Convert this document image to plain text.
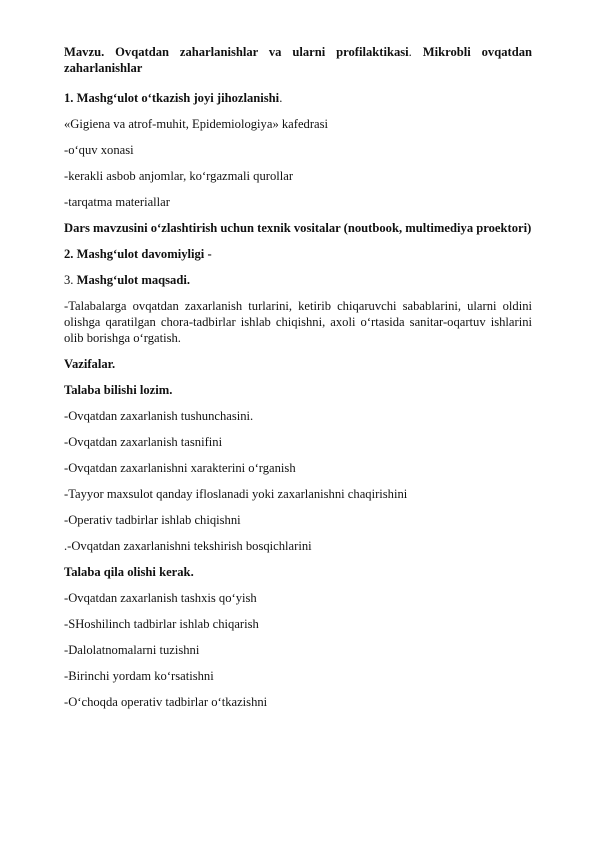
Mavzu. Ovqatdan zaharlanishlar va ularni profilaktikasi. Mikrobli ovqatdan zaharlanishlar

1. Mashg‘ulot o‘tkazish joyi jihozlanishi.

«Gigiena va atrof-muhit, Epidemiologiya» kafedrasi

-o‘quv xonasi

-kerakli asbob anjomlar, ko‘rgazmali qurollar

-tarqatma materiallar

Dars mavzusini o‘zlashtirish uchun texnik vositalar (noutbook, multimediya proektori)

2. Mashg‘ulot davomiyligi -

3. Mashg‘ulot maqsadi.

-Talabalarga ovqatdan zaxarlanish turlarini, ketirib chiqaruvchi sabablarini, ularni oldini olishga qaratilgan chora-tadbirlar ishlab chiqishni, axoli o‘rtasida sanitar-oqartuv ishlarini olib borishga o‘rgatish.

Vazifalar.

Talaba bilishi lozim.

-Ovqatdan zaxarlanish tushunchasini.

-Ovqatdan zaxarlanish tasnifini

-Ovqatdan zaxarlanishni xarakterini o‘rganish

-Tayyor maxsulot qanday ifloslanadi yoki zaxarlanishni chaqirishini

-Operativ tadbirlar ishlab chiqishni

.-Ovqatdan zaxarlanishni tekshirish bosqichlarini

Talaba qila olishi kerak.

-Ovqatdan zaxarlanish tashxis qo‘yish

-SHoshilinch tadbirlar ishlab chiqarish

-Dalolatnomalarni tuzishni

-Birinchi yordam ko‘rsatishni

-O‘choqda operativ tadbirlar o‘tkazishni
